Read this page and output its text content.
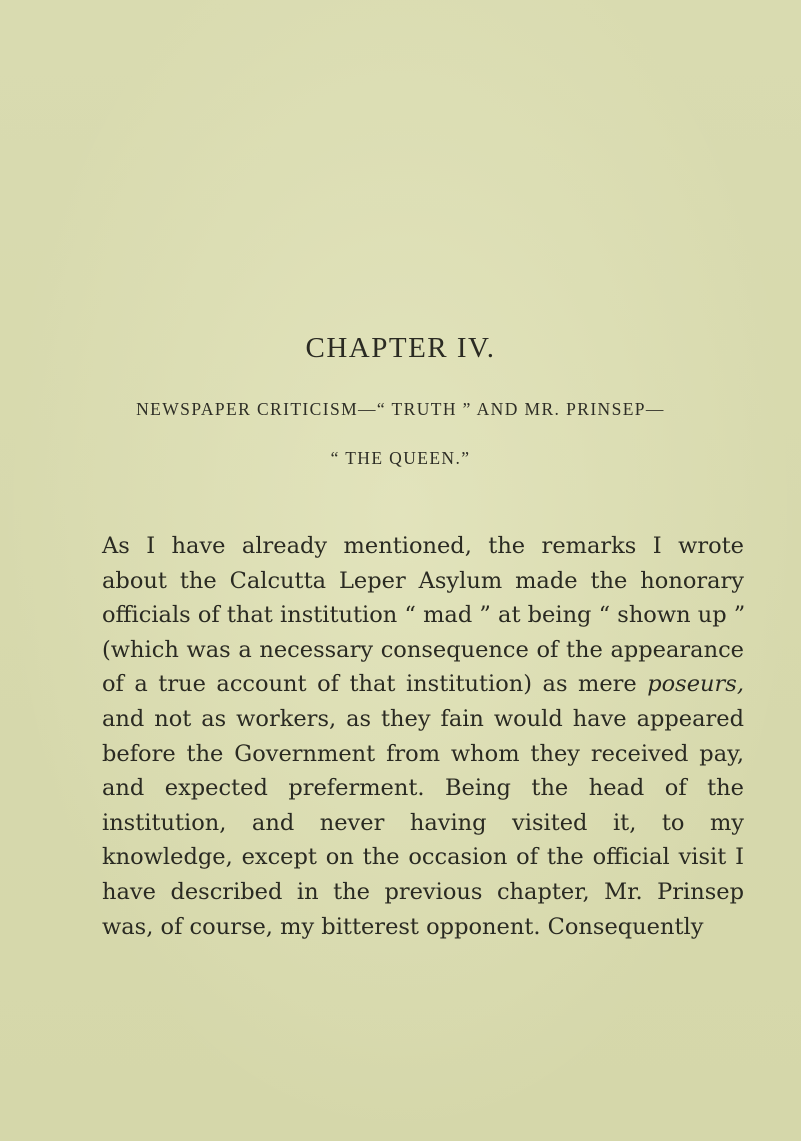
CHAPTER IV.

NEWSPAPER CRITICISM—“ TRUTH ” AND MR. PRINSEP—

“ THE QUEEN.”

As I have already mentioned, the remarks I wrote
about the Calcutta Leper Asylum made the honorary
officials of that institution “ mad ” at being “ shown up ”
(which was a necessary consequence of the appearance
of a true account of that institution) as mere poseurs,
and not as workers, as they fain would have appeared
before the Government from whom they received pay,
and expected preferment. Being the head of the
institution, and never having visited it, to my
knowledge, except on the occasion of the official visit I
have described in the previous chapter, Mr. Prinsep
was, of course, my bitterest opponent. Consequently
